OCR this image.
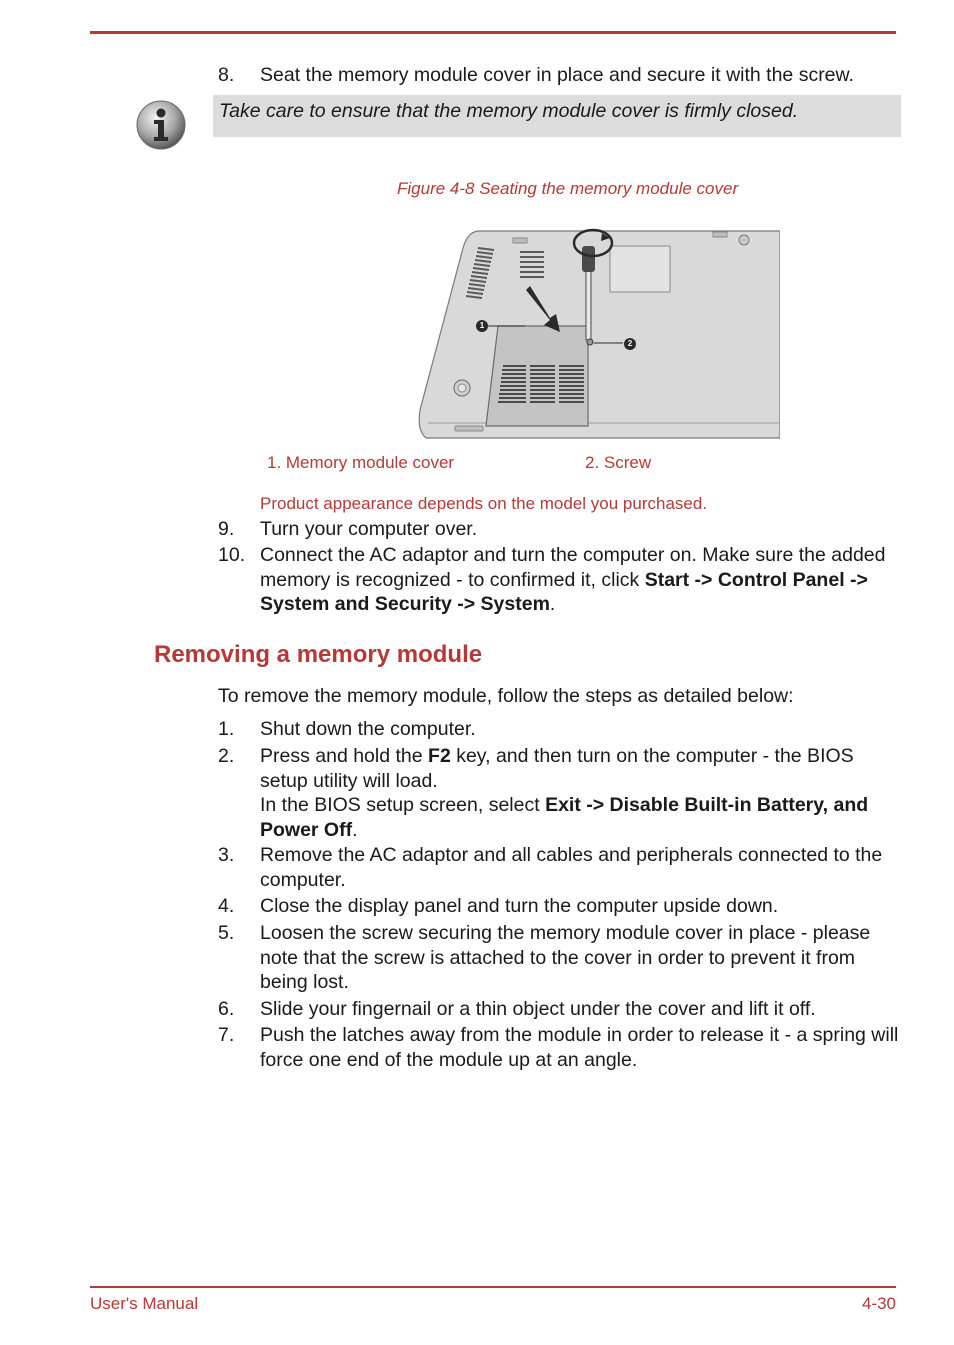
8. Seat the memory module cover in place and secure it with the screw.
Take care to ensure that the memory module cover is firmly closed.
Figure 4-8 Seating the memory module cover
1
2
1. Memory module cover	2. Screw
Product appearance depends on the model you purchased.
9. Turn your computer over.
10. Connect the AC adaptor and turn the computer on. Make sure the added memory is recognized - to confirmed it, click Start -> Control Panel -> System and Security -> System.
Removing a memory module
To remove the memory module, follow the steps as detailed below:
1. Shut down the computer.
2. Press and hold the F2 key, and then turn on the computer - the BIOS setup utility will load.
In the BIOS setup screen, select Exit -> Disable Built-in Battery, and Power Off.
3. Remove the AC adaptor and all cables and peripherals connected to the computer.
4. Close the display panel and turn the computer upside down.
5. Loosen the screw securing the memory module cover in place - please note that the screw is attached to the cover in order to prevent it from being lost.
6. Slide your fingernail or a thin object under the cover and lift it off.
7. Push the latches away from the module in order to release it - a spring will force one end of the module up at an angle.
User's Manual	4-30
